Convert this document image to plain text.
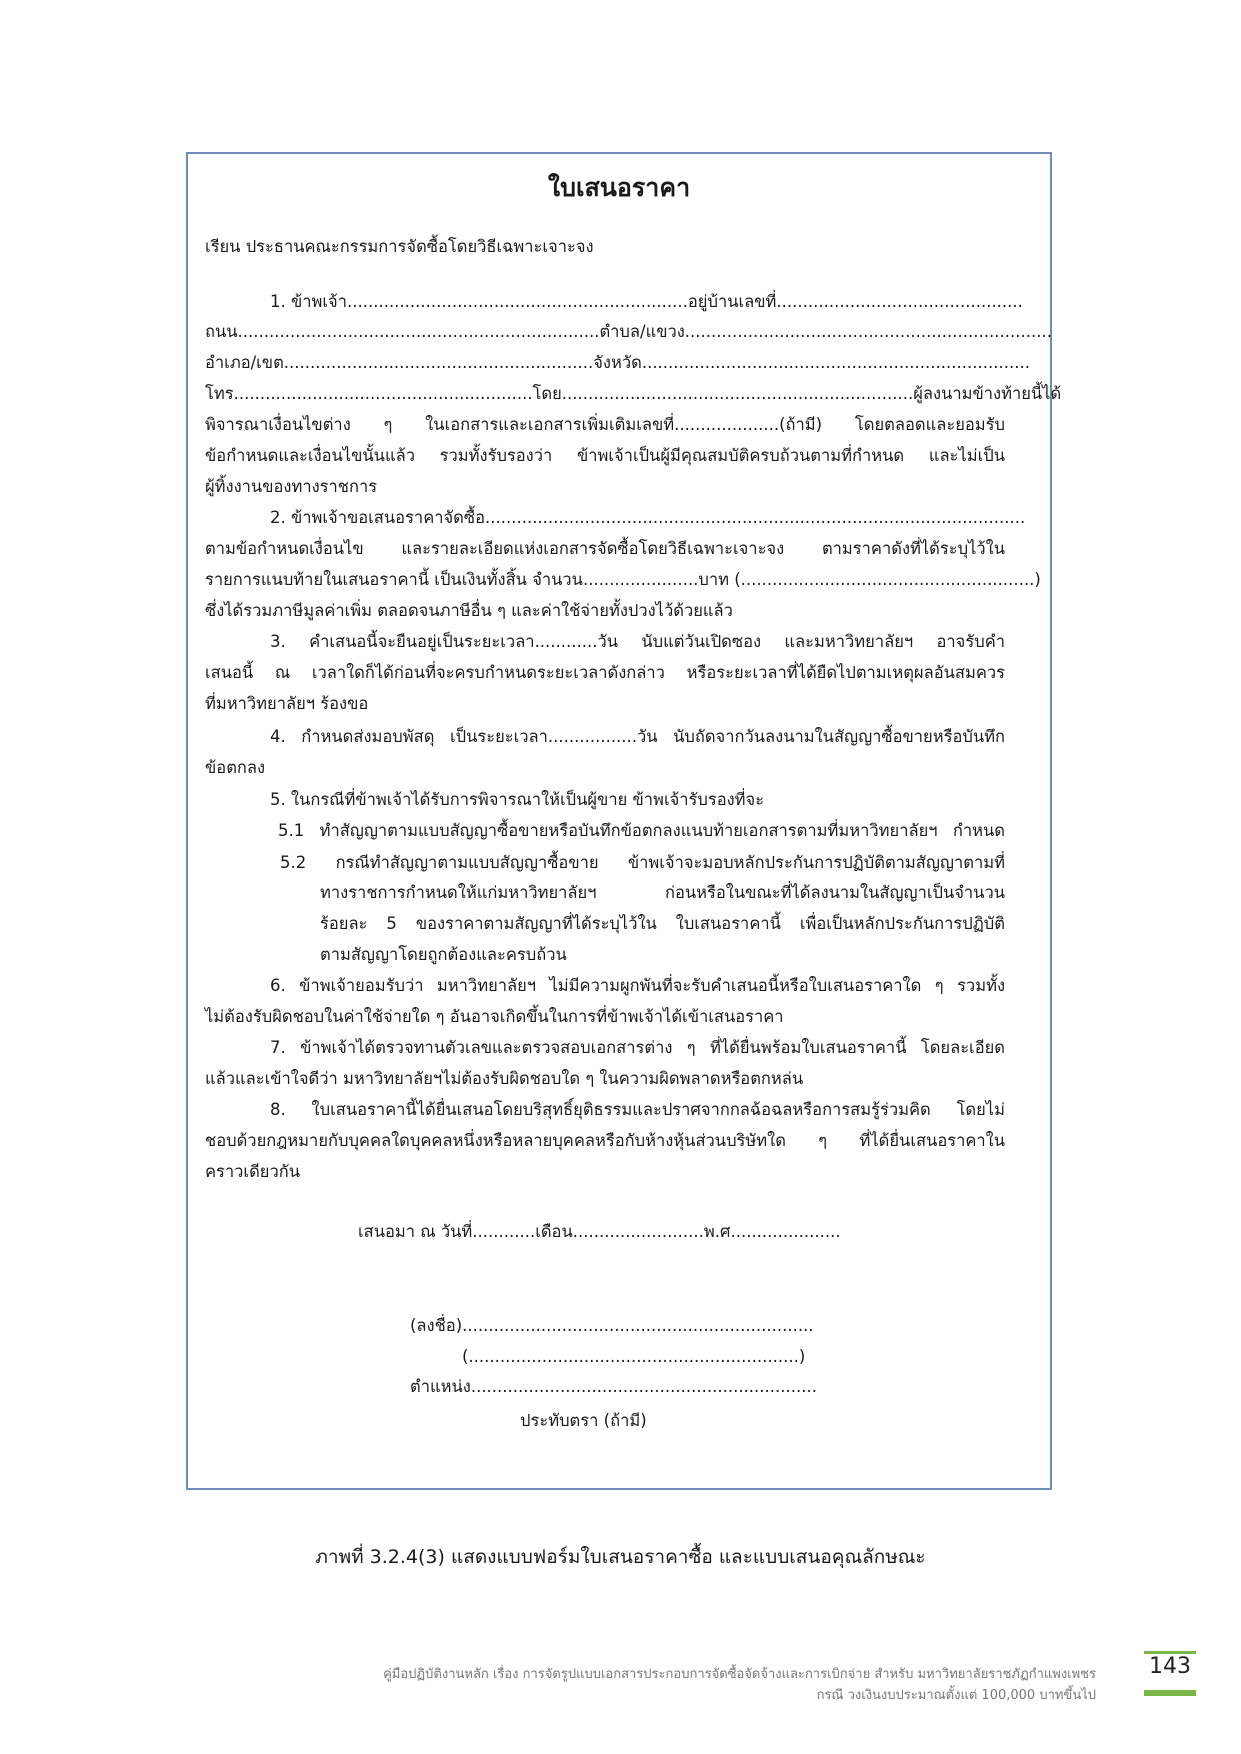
ใบเสนอราคา
เรียน ประธานคณะกรรมการจัดซื้อโดยวิธีเฉพาะเจาะจง
1. ข้าพเจ้า.................................................................อยู่บ้านเลขที่...............................................
ถนน.....................................................................ตำบล/แขวง......................................................................
อำเภอ/เขต...........................................................จังหวัด..........................................................................
โทร.........................................................โดย...................................................................ผู้ลงนามข้างท้ายนี้ได้
พิจารณาเงื่อนไขต่าง ๆ ในเอกสารและเอกสารเพิ่มเติมเลขที่....................(ถ้ามี) โดยตลอดและยอมรับ
ข้อกำหนดและเงื่อนไขนั้นแล้ว รวมทั้งรับรองว่า ข้าพเจ้าเป็นผู้มีคุณสมบัติครบถ้วนตามที่กำหนด และไม่เป็น
ผู้ทิ้งงานของทางราชการ
2. ข้าพเจ้าขอเสนอราคาจัดซื้อ.......................................................................................................
ตามข้อกำหนดเงื่อนไข และรายละเอียดแห่งเอกสารจัดซื้อโดยวิธีเฉพาะเจาะจง ตามราคาดังที่ได้ระบุไว้ใน
รายการแนบท้ายในเสนอราคานี้ เป็นเงินทั้งสิ้น จำนวน......................บาท (........................................................)
ซึ่งได้รวมภาษีมูลค่าเพิ่ม ตลอดจนภาษีอื่น ๆ และค่าใช้จ่ายทั้งปวงไว้ด้วยแล้ว
3. คำเสนอนี้จะยืนอยู่เป็นระยะเวลา............วัน นับแต่วันเปิดซอง และมหาวิทยาลัยฯ อาจรับคำ
เสนอนี้ ณ เวลาใดก็ได้ก่อนที่จะครบกำหนดระยะเวลาดังกล่าว หรือระยะเวลาที่ได้ยืดไปตามเหตุผลอันสมควร
ที่มหาวิทยาลัยฯ ร้องขอ
4. กำหนดส่งมอบพัสดุ เป็นระยะเวลา.................วัน นับถัดจากวันลงนามในสัญญาซื้อขายหรือบันทึก
ข้อตกลง
5. ในกรณีที่ข้าพเจ้าได้รับการพิจารณาให้เป็นผู้ขาย ข้าพเจ้ารับรองที่จะ
5.1 ทำสัญญาตามแบบสัญญาซื้อขายหรือบันทึกข้อตกลงแนบท้ายเอกสารตามที่มหาวิทยาลัยฯ กำหนด
5.2 กรณีทำสัญญาตามแบบสัญญาซื้อขาย ข้าพเจ้าจะมอบหลักประกันการปฏิบัติตามสัญญาตามที่
ทางราชการกำหนดให้แก่มหาวิทยาลัยฯ ก่อนหรือในขณะที่ได้ลงนามในสัญญาเป็นจำนวน
ร้อยละ 5 ของราคาตามสัญญาที่ได้ระบุไว้ใน ใบเสนอราคานี้ เพื่อเป็นหลักประกันการปฏิบัติ
ตามสัญญาโดยถูกต้องและครบถ้วน
6. ข้าพเจ้ายอมรับว่า มหาวิทยาลัยฯ ไม่มีความผูกพันที่จะรับคำเสนอนี้หรือใบเสนอราคาใด ๆ รวมทั้ง
ไม่ต้องรับผิดชอบในค่าใช้จ่ายใด ๆ อันอาจเกิดขึ้นในการที่ข้าพเจ้าได้เข้าเสนอราคา
7. ข้าพเจ้าได้ตรวจทานตัวเลขและตรวจสอบเอกสารต่าง ๆ ที่ได้ยื่นพร้อมใบเสนอราคานี้ โดยละเอียด
แล้วและเข้าใจดีว่า มหาวิทยาลัยฯไม่ต้องรับผิดชอบใด ๆ ในความผิดพลาดหรือตกหล่น
8. ใบเสนอราคานี้ได้ยื่นเสนอโดยบริสุทธิ์ยุติธรรมและปราศจากกลฉ้อฉลหรือการสมรู้ร่วมคิด โดยไม่
ชอบด้วยกฎหมายกับบุคคลใดบุคคลหนึ่งหรือหลายบุคคลหรือกับห้างหุ้นส่วนบริษัทใด ๆ ที่ได้ยื่นเสนอราคาใน
คราวเดียวกัน
เสนอมา ณ วันที่............เดือน.........................พ.ศ.....................
(ลงชื่อ)...................................................................
(...............................................................)
ตำแหน่ง..................................................................
ประทับตรา (ถ้ามี)
ภาพที่ 3.2.4(3) แสดงแบบฟอร์มใบเสนอราคาซื้อ และแบบเสนอคุณลักษณะ
คู่มือปฏิบัติงานหลัก เรื่อง การจัดรูปแบบเอกสารประกอบการจัดซื้อจัดจ้างและการเบิกจ่าย สำหรับ มหาวิทยาลัยราชภัฏกำแพงเพชร
กรณี วงเงินงบประมาณตั้งแต่ 100,000 บาทขึ้นไป
143
